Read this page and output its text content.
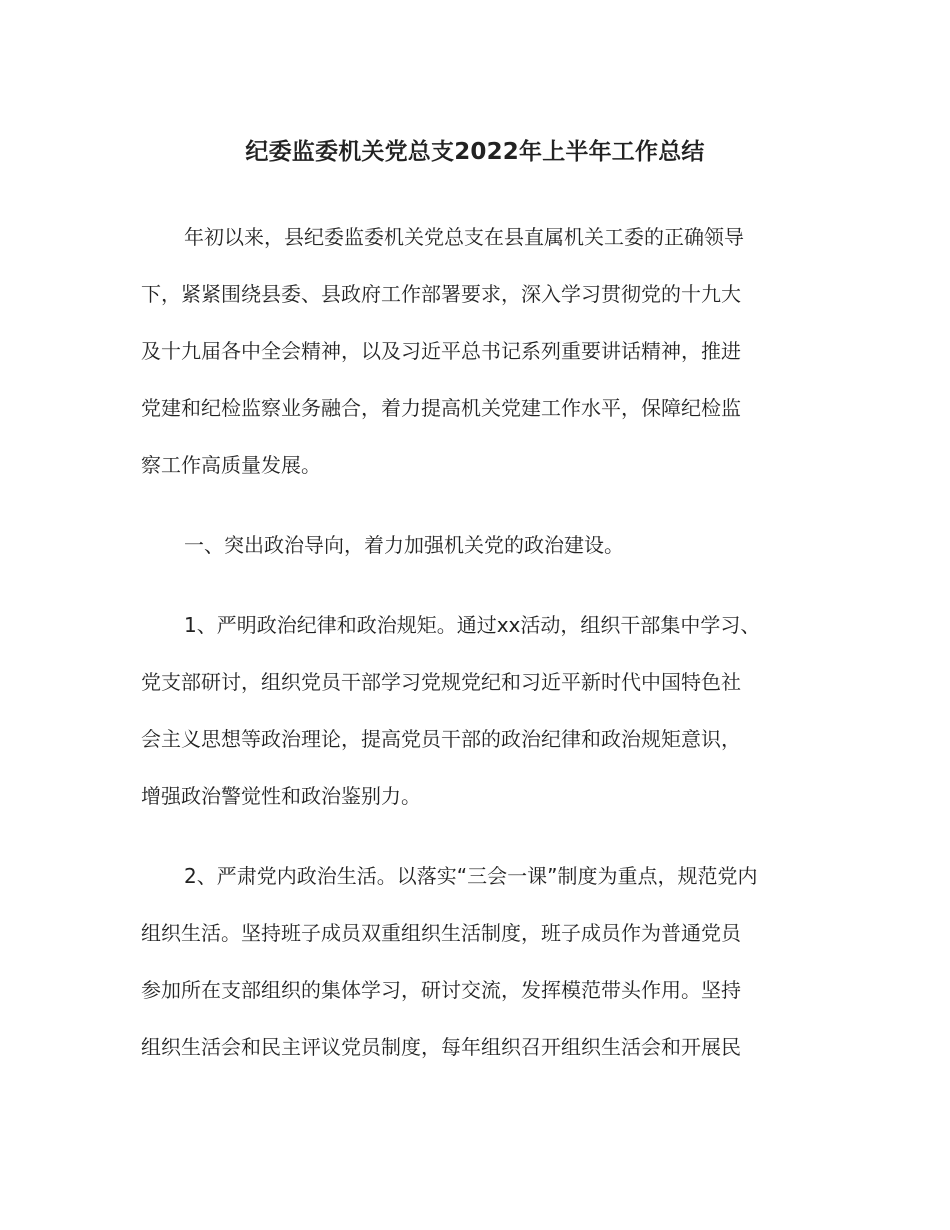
纪委监委机关党总支2022年上半年工作总结
年初以来，县纪委监委机关党总支在县直属机关工委的正确领导
下，紧紧围绕县委、县政府工作部署要求，深入学习贯彻党的十九大
及十九届各中全会精神，以及习近平总书记系列重要讲话精神，推进
党建和纪检监察业务融合，着力提高机关党建工作水平，保障纪检监
察工作高质量发展。
一、突出政治导向，着力加强机关党的政治建设。
1、严明政治纪律和政治规矩。通过xx活动，组织干部集中学习、
党支部研讨，组织党员干部学习党规党纪和习近平新时代中国特色社
会主义思想等政治理论，提高党员干部的政治纪律和政治规矩意识，
增强政治警觉性和政治鉴别力。
2、严肃党内政治生活。以落实“三会一课”制度为重点，规范党内
组织生活。坚持班子成员双重组织生活制度，班子成员作为普通党员
参加所在支部组织的集体学习，研讨交流，发挥模范带头作用。坚持
组织生活会和民主评议党员制度，每年组织召开组织生活会和开展民
